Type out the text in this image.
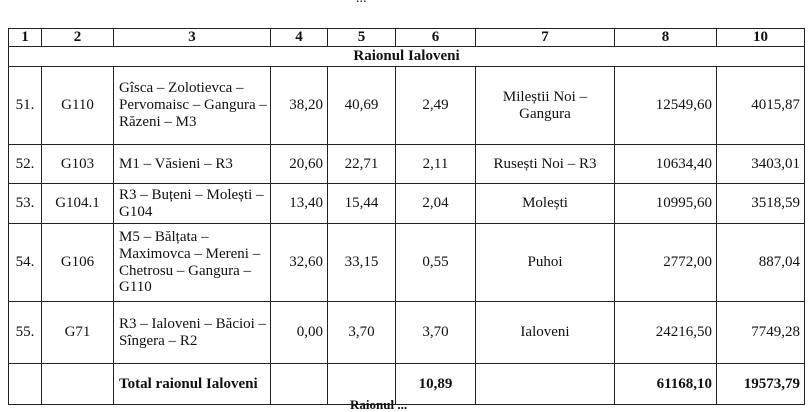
1	2	3	4	5	6	7	8	10
Raionul Ialoveni								
51.	G110	Gîsca – Zolotievca – Pervomaisc – Gangura – Răzeni – M3	38,20	40,69	2,49	Mileștii Noi – Gangura	12549,60	4015,87
52.	G103	M1 – Văsieni – R3	20,60	22,71	2,11	Rusești Noi – R3	10634,40	3403,01
53.	G104.1	R3 – Buțeni – Molești – G104	13,40	15,44	2,04	Molești	10995,60	3518,59
54.	G106	M5 – Bălțata – Maximovca – Mereni – Chetrosu – Gangura – G110	32,60	33,15	0,55	Puhoi	2772,00	887,04
55.	G71	R3 – Ialoveni – Băcioi – Sîngera – R2	0,00	3,70	3,70	Ialoveni	24216,50	7749,28
		Total raionul Ialoveni			10,89		61168,10	19573,79
Raionul ...
